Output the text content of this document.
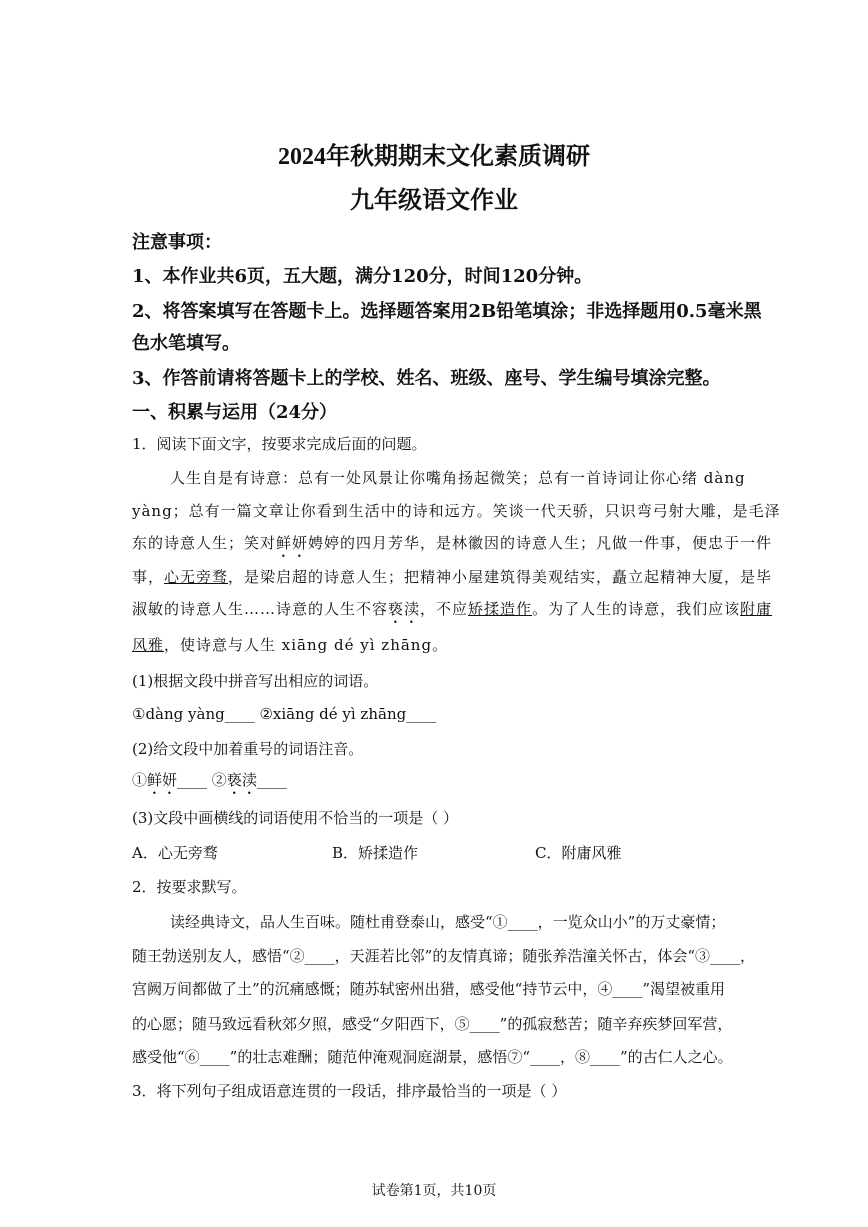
2024年秋期期末文化素质调研
九年级语文作业
注意事项：
1、本作业共6页，五大题，满分120分，时间120分钟。
2、将答案填写在答题卡上。选择题答案用2B铅笔填涂；非选择题用0.5毫米黑
色水笔填写。
3、作答前请将答题卡上的学校、姓名、班级、座号、学生编号填涂完整。
一、积累与运用（24分）
1．阅读下面文字，按要求完成后面的问题。
人生自是有诗意：总有一处风景让你嘴角扬起微笑；总有一首诗词让你心绪 dàng
yàng；总有一篇文章让你看到生活中的诗和远方。笑谈一代天骄，只识弯弓射大雕，是毛泽
东的诗意人生；笑对鲜妍娉婷的四月芳华，是林徽因的诗意人生；凡做一件事，便忠于一件
事，心无旁骛，是梁启超的诗意人生；把精神小屋建筑得美观结实，矗立起精神大厦，是毕
淑敏的诗意人生……诗意的人生不容亵渎，不应矫揉造作。为了人生的诗意，我们应该附庸
风雅，使诗意与人生 xiāng dé yì zhāng。
(1)根据文段中拼音写出相应的词语。
①dàng yàng____ ②xiāng dé yì zhāng____
(2)给文段中加着重号的词语注音。
①鲜妍____ ②亵渎____
(3)文段中画横线的词语使用不恰当的一项是（ ）
A．心无旁骛	B．矫揉造作	C．附庸风雅
2．按要求默写。
读经典诗文，品人生百味。随杜甫登泰山，感受“①____，一览众山小”的万丈豪情；
随王勃送别友人，感悟“②____，天涯若比邻”的友情真谛；随张养浩潼关怀古，体会“③____，
宫阙万间都做了土”的沉痛感慨；随苏轼密州出猎，感受他“持节云中，④____”渴望被重用
的心愿；随马致远看秋郊夕照，感受“夕阳西下，⑤____”的孤寂愁苦；随辛弃疾梦回军营，
感受他“⑥____”的壮志难酬；随范仲淹观洞庭湖景，感悟⑦“____，⑧____”的古仁人之心。
3．将下列句子组成语意连贯的一段话，排序最恰当的一项是（ ）
试卷第1页，共10页
